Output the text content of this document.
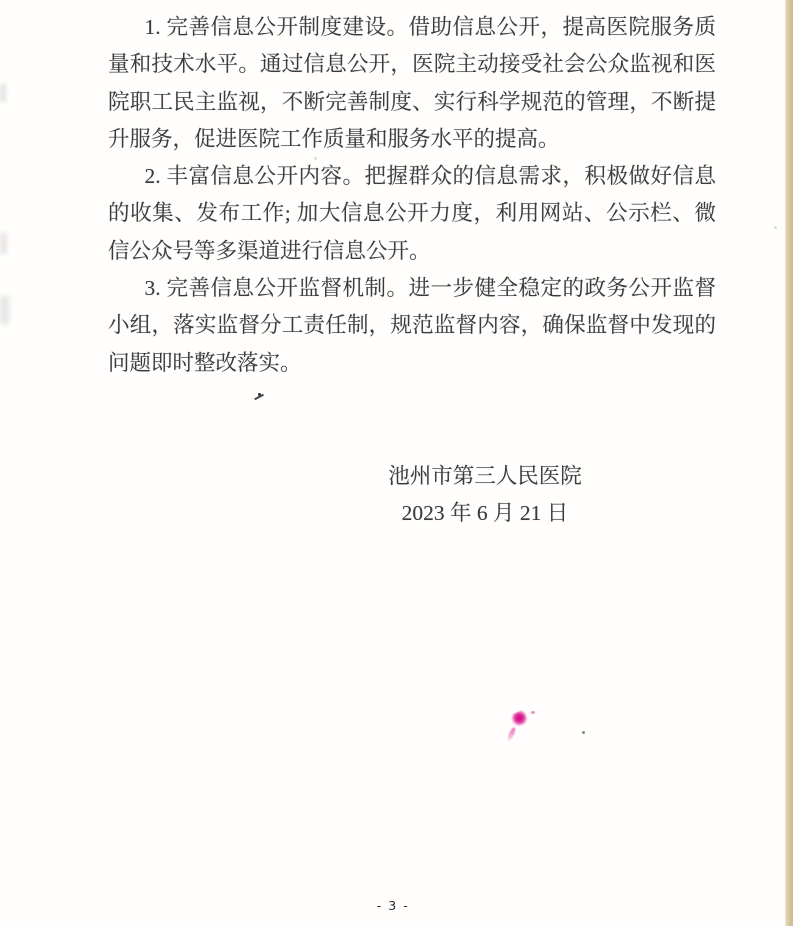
1. 完善信息公开制度建设。借助信息公开，提高医院服务质量和技术水平。通过信息公开，医院主动接受社会公众监视和医院职工民主监视，不断完善制度、实行科学规范的管理，不断提升服务，促进医院工作质量和服务水平的提高。

2. 丰富信息公开内容。把握群众的信息需求，积极做好信息的收集、发布工作; 加大信息公开力度，利用网站、公示栏、微信公众号等多渠道进行信息公开。

3. 完善信息公开监督机制。进一步健全稳定的政务公开监督小组，落实监督分工责任制，规范监督内容，确保监督中发现的问题即时整改落实。

池州市第三人民医院
2023 年 6 月 21 日
- 3 -
